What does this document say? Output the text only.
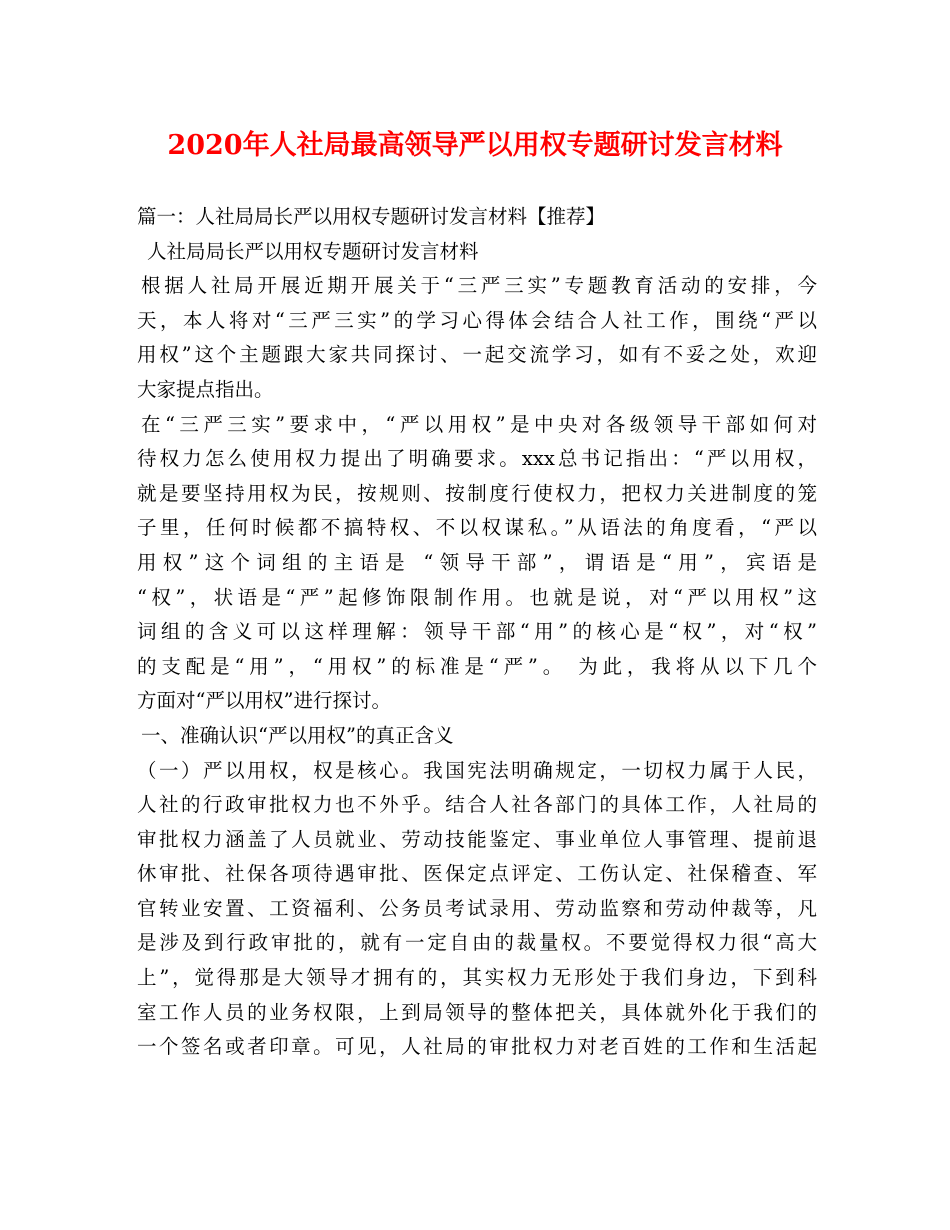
2020年人社局最高领导严以用权专题研讨发言材料
篇一：人社局局长严以用权专题研讨发言材料【推荐】
人社局局长严以用权专题研讨发言材料
根据人社局开展近期开展关于“三严三实”专题教育活动的安排，今
天，本人将对“三严三实”的学习心得体会结合人社工作，围绕“严以
用权”这个主题跟大家共同探讨、一起交流学习，如有不妥之处，欢迎
大家提点指出。
在“三严三实”要求中，“严以用权”是中央对各级领导干部如何对
待权力怎么使用权力提出了明确要求。xxx总书记指出：“严以用权，
就是要坚持用权为民，按规则、按制度行使权力，把权力关进制度的笼
子里，任何时候都不搞特权、不以权谋私。”从语法的角度看，“严以
用权”这个词组的主语是 “领导干部”，谓语是“用”，宾语是
“权”，状语是“严”起修饰限制作用。也就是说，对“严以用权”这
词组的含义可以这样理解：领导干部“用”的核心是“权”，对“权”
的支配是“用”，“用权”的标准是“严”。 为此，我将从以下几个
方面对“严以用权”进行探讨。
一、准确认识“严以用权”的真正含义
（一）严以用权，权是核心。我国宪法明确规定，一切权力属于人民，
人社的行政审批权力也不外乎。结合人社各部门的具体工作，人社局的
审批权力涵盖了人员就业、劳动技能鉴定、事业单位人事管理、提前退
休审批、社保各项待遇审批、医保定点评定、工伤认定、社保稽查、军
官转业安置、工资福利、公务员考试录用、劳动监察和劳动仲裁等，凡
是涉及到行政审批的，就有一定自由的裁量权。不要觉得权力很“高大
上”，觉得那是大领导才拥有的，其实权力无形处于我们身边，下到科
室工作人员的业务权限，上到局领导的整体把关，具体就外化于我们的
一个签名或者印章。可见，人社局的审批权力对老百姓的工作和生活起
